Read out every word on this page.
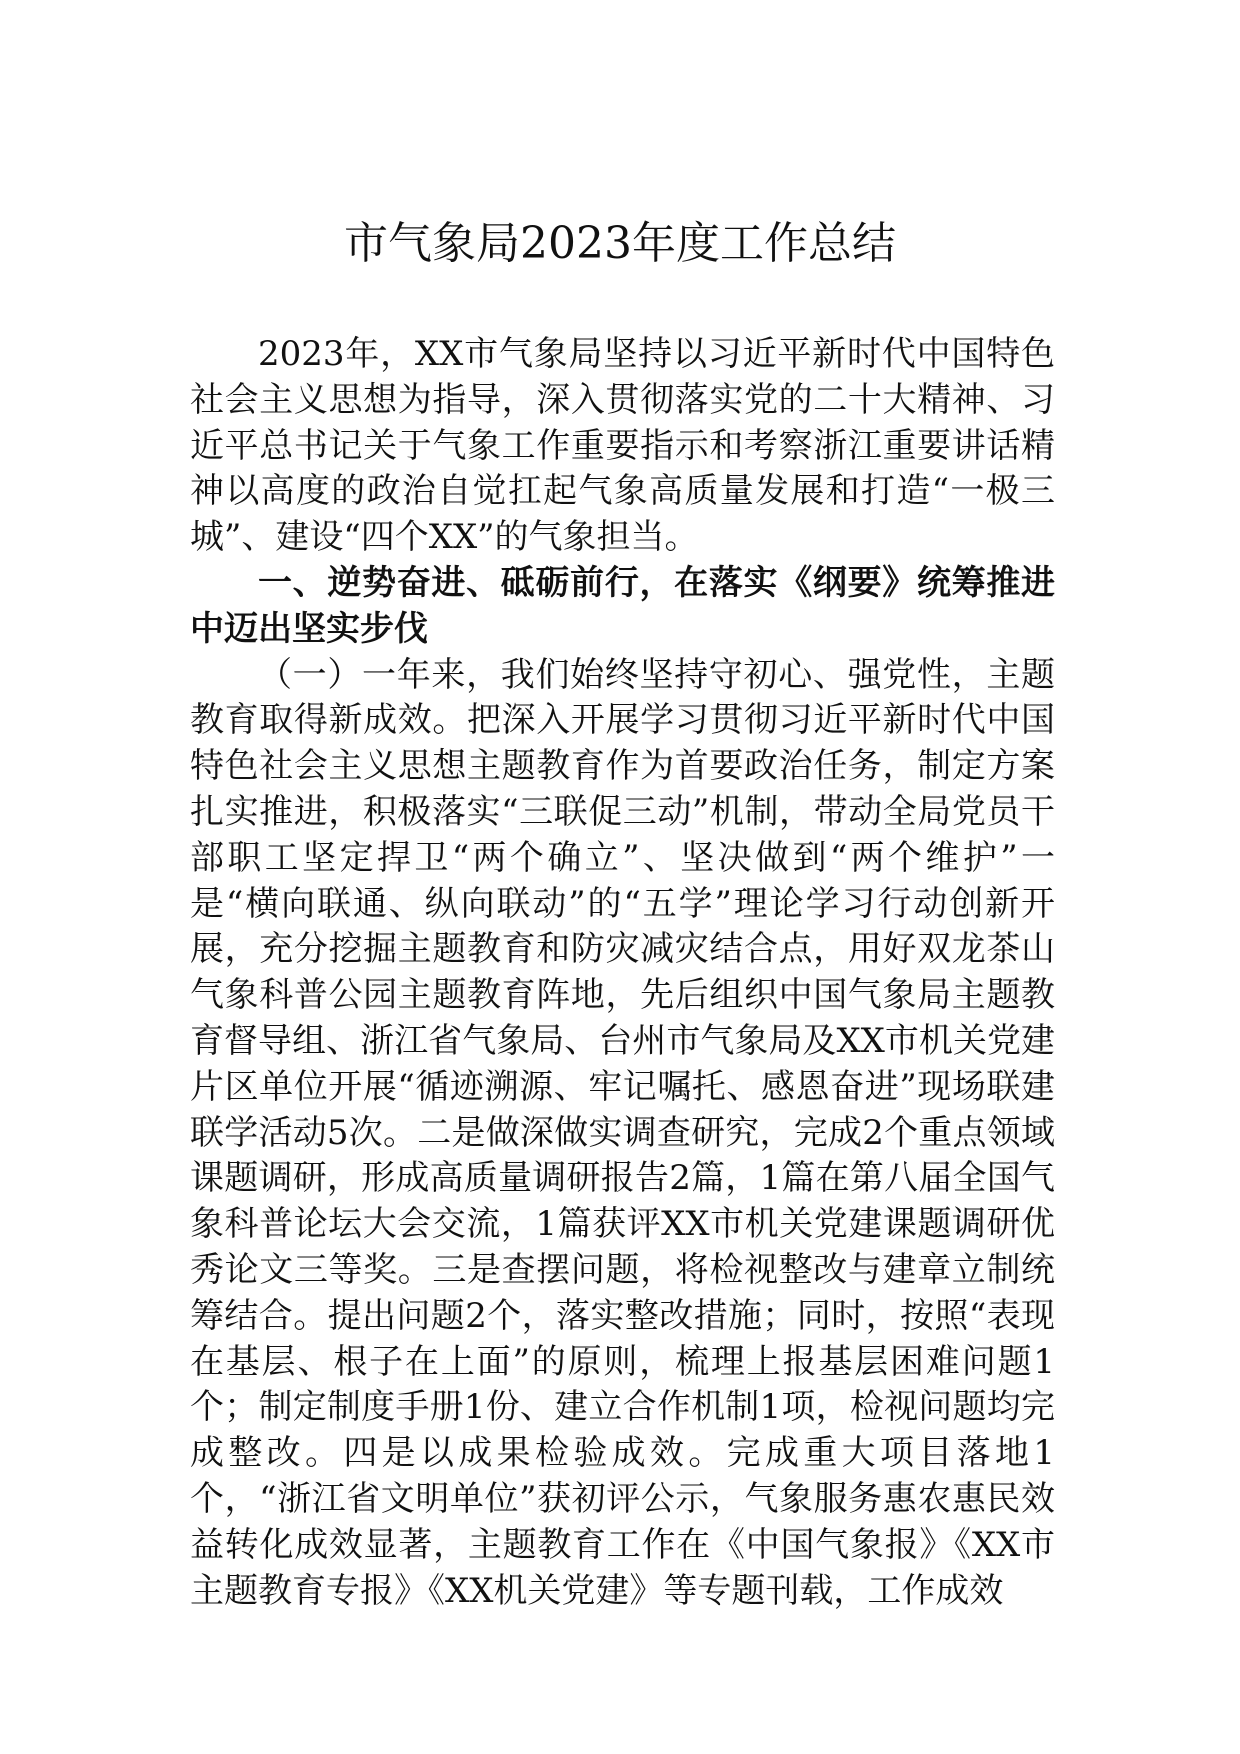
市气象局2023年度工作总结

2023年，XX市气象局坚持以习近平新时代中国特色社会主义思想为指导，深入贯彻落实党的二十大精神、习近平总书记关于气象工作重要指示和考察浙江重要讲话精神以高度的政治自觉扛起气象高质量发展和打造“一极三城”、建设“四个XX”的气象担当。

一、逆势奋进、砥砺前行，在落实《纲要》统筹推进中迈出坚实步伐

（一）一年来，我们始终坚持守初心、强党性，主题教育取得新成效。把深入开展学习贯彻习近平新时代中国特色社会主义思想主题教育作为首要政治任务，制定方案扎实推进，积极落实“三联促三动”机制，带动全局党员干部职工坚定捍卫“两个确立”、坚决做到“两个维护”一是“横向联通、纵向联动”的“五学”理论学习行动创新开展，充分挖掘主题教育和防灾减灾结合点，用好双龙茶山气象科普公园主题教育阵地，先后组织中国气象局主题教育督导组、浙江省气象局、台州市气象局及XX市机关党建片区单位开展“循迹溯源、牢记嘱托、感恩奋进”现场联建联学活动5次。二是做深做实调查研究，完成2个重点领域课题调研，形成高质量调研报告2篇，1篇在第八届全国气象科普论坛大会交流，1篇获评XX市机关党建课题调研优秀论文三等奖。三是查摆问题，将检视整改与建章立制统筹结合。提出问题2个，落实整改措施；同时，按照“表现在基层、根子在上面”的原则，梳理上报基层困难问题1个；制定制度手册1份、建立合作机制1项，检视问题均完成整改。四是以成果检验成效。完成重大项目落地1个，“浙江省文明单位”获初评公示，气象服务惠农惠民效益转化成效显著，主题教育工作在《中国气象报》《XX市主题教育专报》《XX机关党建》等专题刊载，工作成效
